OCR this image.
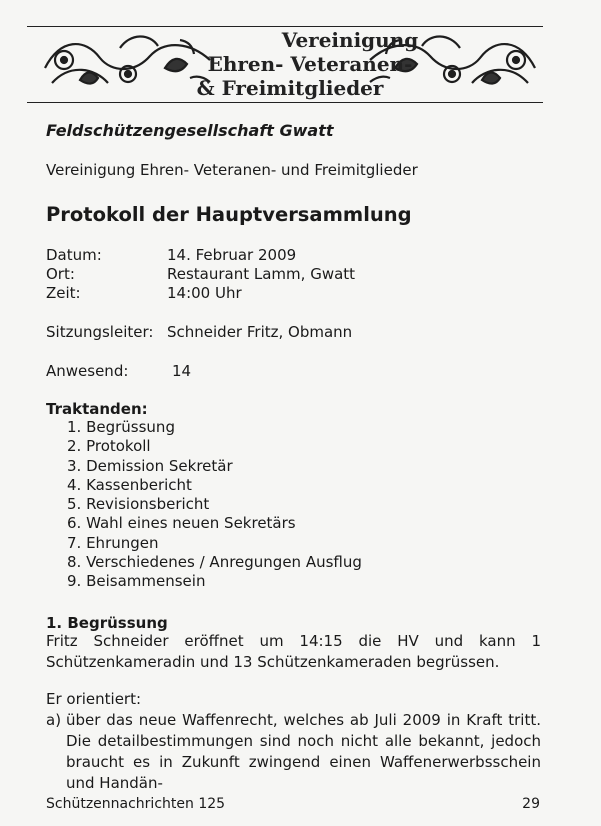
Vereinigung
Ehren- Veteranen-
& Freimitglieder
Feldschützengesellschaft Gwatt
Vereinigung Ehren- Veteranen- und Freimitglieder
Protokoll der Hauptversammlung
Datum:	14. Februar 2009
Ort:	Restaurant Lamm, Gwatt
Zeit:	14:00 Uhr
Sitzungsleiter: Schneider Fritz, Obmann
Anwesend:	14
Traktanden:
1. Begrüssung
2. Protokoll
3. Demission Sekretär
4. Kassenbericht
5. Revisionsbericht
6. Wahl eines neuen Sekretärs
7. Ehrungen
8. Verschiedenes / Anregungen Ausflug
9. Beisammensein
1. Begrüssung
Fritz Schneider eröffnet um 14:15 die HV und kann 1 Schützenkameradin und 13 Schützenkameraden begrüssen.
Er orientiert:
a) über das neue Waffenrecht, welches ab Juli 2009 in Kraft tritt. Die detailbestimmungen sind noch nicht alle bekannt, jedoch braucht es in Zukunft zwingend einen Waffenerwerbsschein und Handän-
Schützennachrichten 125	29
